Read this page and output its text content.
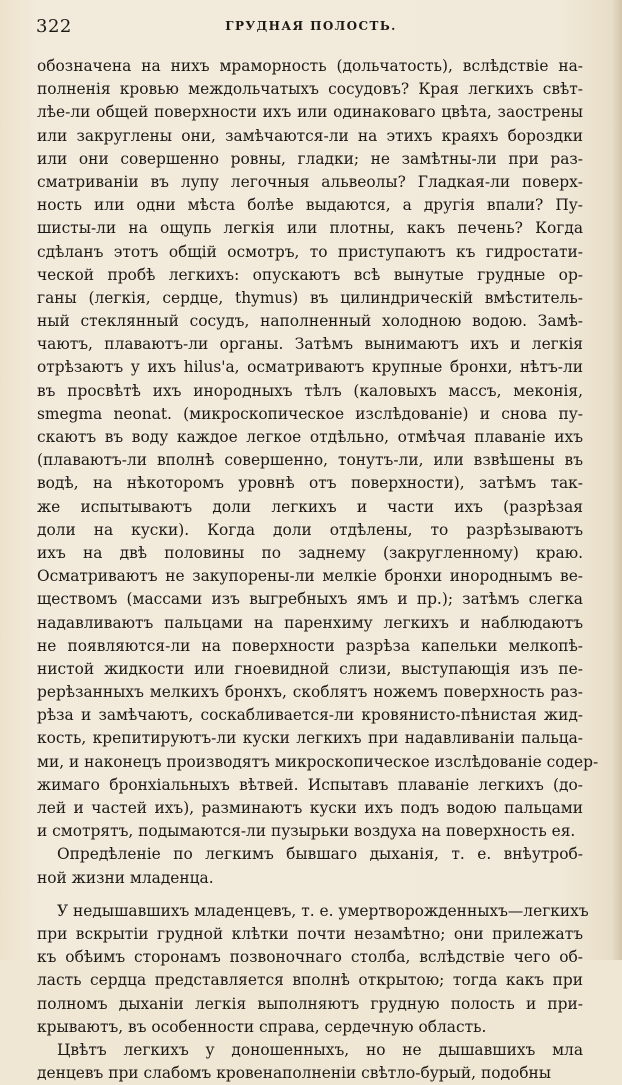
322	ГРУДНАЯ ПОЛОСТЬ.
обозначена на нихъ мраморность (дольчатость), вслѣдствіе на-
полненія кровью междольчатыхъ сосудовъ? Края легкихъ свѣт-
лѣе-ли общей поверхности ихъ или одинаковаго цвѣта, заострены
или закруглены они, замѣчаются-ли на этихъ краяхъ бороздки
или они совершенно ровны, гладки; не замѣтны-ли при раз-
сматриваніи въ лупу легочныя альвеолы? Гладкая-ли поверх-
ность или одни мѣста болѣе выдаются, а другія впали? Пу-
шисты-ли на ощупь легкія или плотны, какъ печень? Когда
сдѣланъ этотъ общій осмотръ, то приступаютъ къ гидростати-
ческой пробѣ легкихъ: опускаютъ всѣ вынутые грудные ор-
ганы (легкія, сердце, thymus) въ цилиндрическій вмѣститель-
ный стеклянный сосудъ, наполненный холодною водою. Замѣ-
чаютъ, плаваютъ-ли органы. Затѣмъ вынимаютъ ихъ и легкія
отрѣзаютъ у ихъ hilus'а, осматриваютъ крупные бронхи, нѣтъ-ли
въ просвѣтѣ ихъ инородныхъ тѣлъ (каловыхъ массъ, меконія,
smegma neonat. (микроскопическое изслѣдованіе) и снова пу-
скаютъ въ воду каждое легкое отдѣльно, отмѣчая плаваніе ихъ
(плаваютъ-ли вполнѣ совершенно, тонутъ-ли, или взвѣшены въ
водѣ, на нѣкоторомъ уровнѣ отъ поверхности), затѣмъ так-
же испытываютъ доли легкихъ и части ихъ (разрѣзая
доли на куски). Когда доли отдѣлены, то разрѣзываютъ
ихъ на двѣ половины по заднему (закругленному) краю.
Осматриваютъ не закупорены-ли мелкіе бронхи инороднымъ ве-
ществомъ (массами изъ выгребныхъ ямъ и пр.); затѣмъ слегка
надавливаютъ пальцами на паренхиму легкихъ и наблюдаютъ
не появляются-ли на поверхности разрѣза капельки мелкопѣ-
нистой жидкости или гноевидной слизи, выступающія изъ пе-
рерѣзанныхъ мелкихъ бронхъ, скоблятъ ножемъ поверхность раз-
рѣза и замѣчаютъ, соскабливается-ли кровянисто-пѣнистая жид-
кость, крепитируютъ-ли куски легкихъ при надавливаніи пальца-
ми, и наконецъ производятъ микроскопическое изслѣдованіе содер-
жимаго бронхіальныхъ вѣтвей. Испытавъ плаваніе легкихъ (до-
лей и частей ихъ), разминаютъ куски ихъ подъ водою пальцами
и смотрятъ, подымаются-ли пузырьки воздуха на поверхность ея.
Опредѣленіе по легкимъ бывшаго дыханія, т. е. внѣутроб-
ной жизни младенца.
У недышавшихъ младенцевъ, т. е. умертворожденныхъ—легкихъ
при вскрытіи грудной клѣтки почти незамѣтно; они прилежатъ
къ обѣимъ сторонамъ позвоночнаго столба, вслѣдствіе чего об-
ласть сердца представляется вполнѣ открытою; тогда какъ при
полномъ дыханіи легкія выполняютъ грудную полость и при-
крываютъ, въ особенности справа, сердечную область.
Цвѣтъ легкихъ у доношенныхъ, но не дышавшихъ мла
денцевъ при слабомъ кровенаполненіи свѣтло-бурый, подобны
